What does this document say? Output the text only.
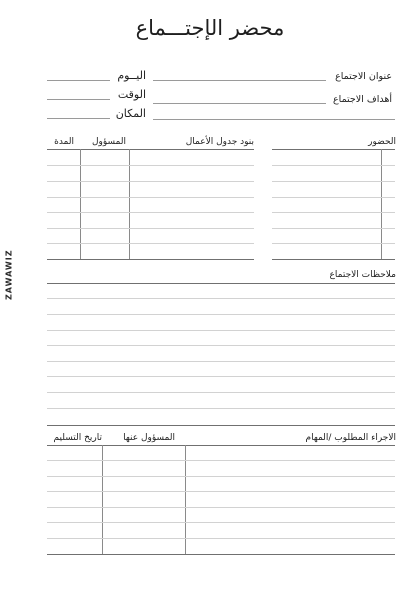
محضر الإجتـــماع
ZAWAWIZ
عنوان الاجتماع
أهداف الاجتماع
اليــوم
الوقت
المكان
الحضور
بنود جدول الأعمال
المسؤول
المدة
ملاحظات الاجتماع
الاجراء المطلوب /المهام
المسؤول عنها
تاريخ التسليم
